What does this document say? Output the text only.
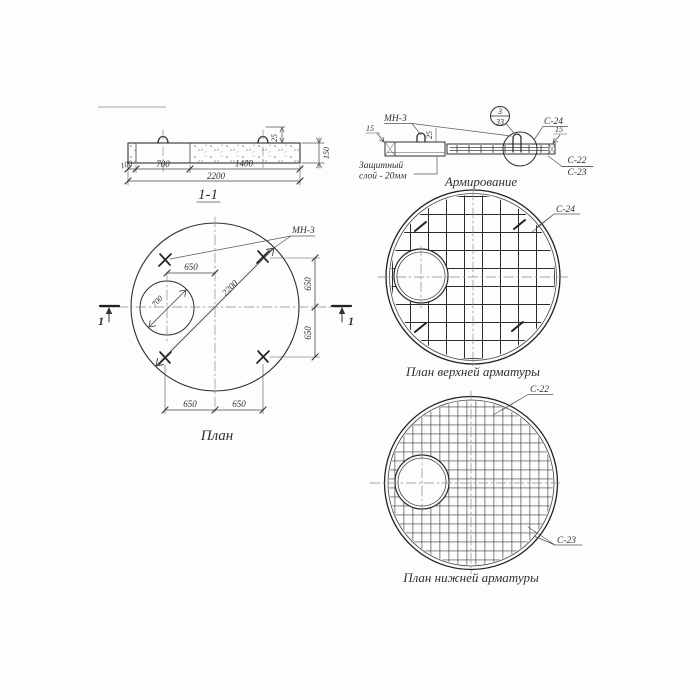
25
150
100	700	1400
2200
1-1
25
3
33
МН-3
15	15
С-24
С-22
С-23
Защитный
слой - 20мм	Армирование
2200
700
650
650
650
650	650
1	1
МН-3
План
С-24
План верхней арматуры
С-22
С-23
План нижней арматуры
